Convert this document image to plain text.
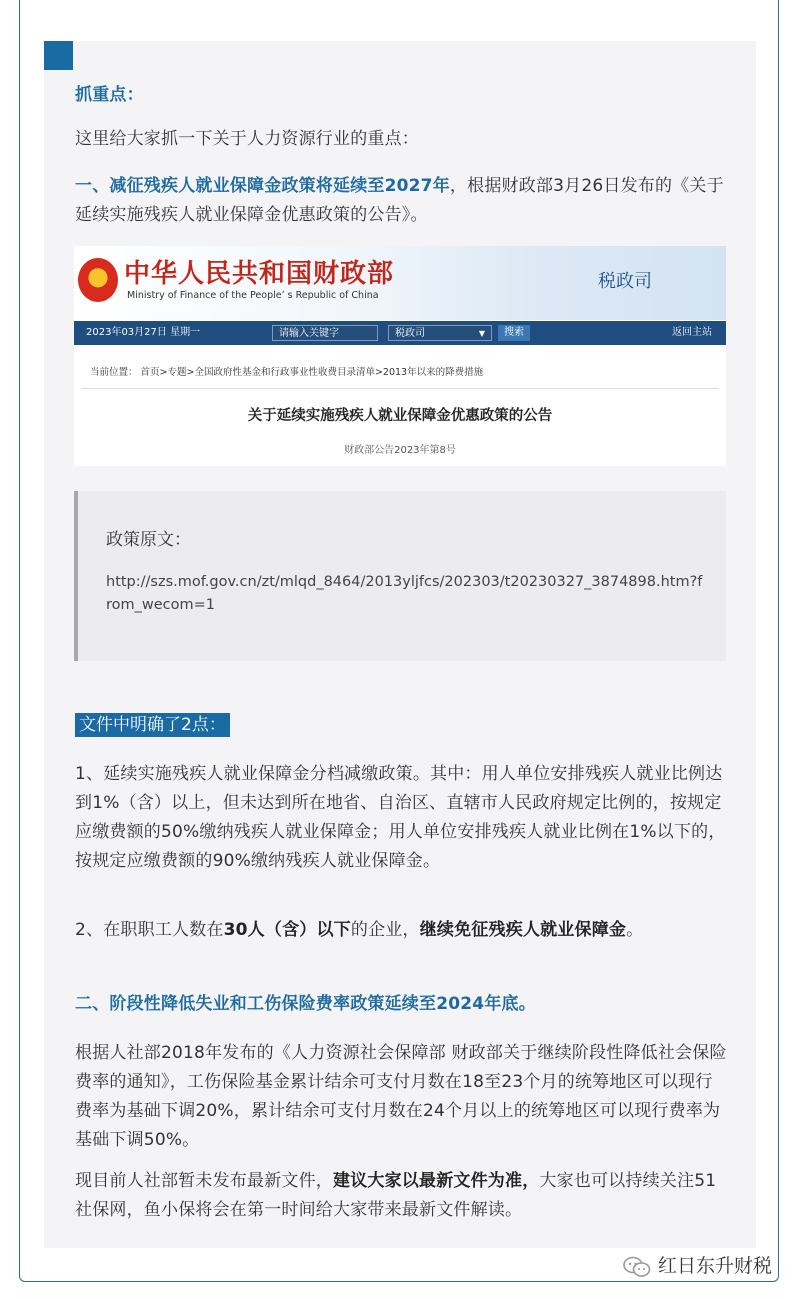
抓重点：
这里给大家抓一下关于人力资源行业的重点：
一、减征残疾人就业保障金政策将延续至2027年，根据财政部3月26日发布的《关于延续实施残疾人就业保障金优惠政策的公告》。
中华人民共和国财政部
Ministry of Finance of the People’ s Republic of China
税政司
2023年03月27日 星期一	请输入关键字	税政司	▼	搜索	返回主站
当前位置： 首页>专题>全国政府性基金和行政事业性收费目录清单>2013年以来的降费措施
关于延续实施残疾人就业保障金优惠政策的公告
财政部公告2023年第8号
政策原文：
http://szs.mof.gov.cn/zt/mlqd_8464/2013yljfcs/202303/t20230327_3874898.htm?from_wecom=1
文件中明确了2点：
1、延续实施残疾人就业保障金分档减缴政策。其中：用人单位安排残疾人就业比例达到1%（含）以上，但未达到所在地省、自治区、直辖市人民政府规定比例的，按规定应缴费额的50%缴纳残疾人就业保障金；用人单位安排残疾人就业比例在1%以下的，按规定应缴费额的90%缴纳残疾人就业保障金。
2、在职职工人数在30人（含）以下的企业，继续免征残疾人就业保障金。
二、阶段性降低失业和工伤保险费率政策延续至2024年底。
根据人社部2018年发布的《人力资源社会保障部 财政部关于继续阶段性降低社会保险费率的通知》，工伤保险基金累计结余可支付月数在18至23个月的统筹地区可以现行费率为基础下调20%，累计结余可支付月数在24个月以上的统筹地区可以现行费率为基础下调50%。
现目前人社部暂未发布最新文件，建议大家以最新文件为准，大家也可以持续关注51社保网，鱼小保将会在第一时间给大家带来最新文件解读。
红日东升财税
